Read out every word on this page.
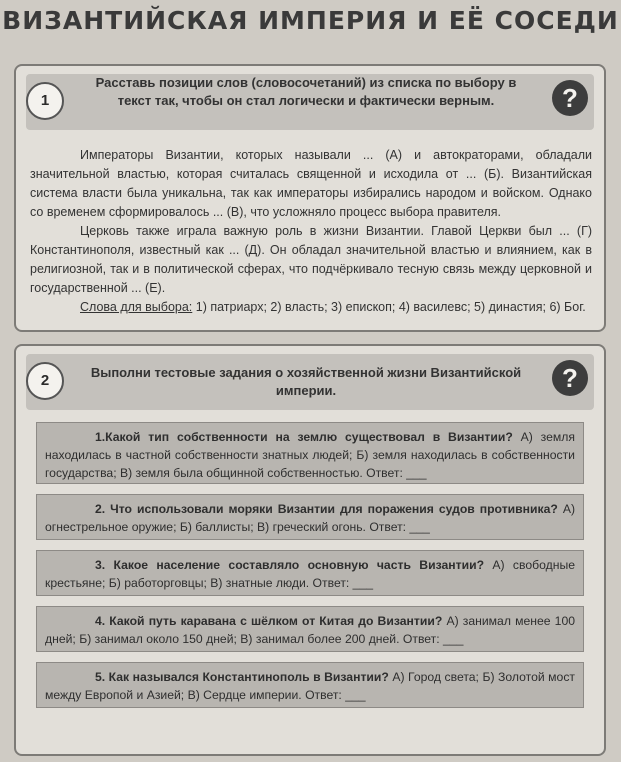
ВИЗАНТИЙСКАЯ ИМПЕРИЯ И ЕЁ СОСЕДИ
1
Расставь позиции слов (словосочетаний) из списка по выбору в текст так, чтобы он стал логически и фактически верным.	?

Императоры Византии, которых называли ... (А) и автократорами, обладали значительной властью, которая считалась священной и исходила от ... (Б). Византийская система власти была уникальна, так как императоры избирались народом и войском. Однако со временем сформировалось ... (В), что усложняло процесс выбора правителя.

Церковь также играла важную роль в жизни Византии. Главой Церкви был ... (Г) Константинополя, известный как ... (Д). Он обладал значительной властью и влиянием, как в религиозной, так и в политической сферах, что подчёркивало тесную связь между церковной и государственной ... (Е).

Слова для выбора: 1) патриарх; 2) власть; 3) епископ; 4) василевс; 5) династия; 6) Бог.

2	Выполни тестовые задания о хозяйственной жизни Византийской империи.	?
1.Какой тип собственности на землю существовал в Византии? А) земля находилась в частной собственности знатных людей; Б) земля находилась в собственности государства; В) земля была общинной собственностью. Ответ: ___
2. Что использовали моряки Византии для поражения судов противника? А) огнестрельное оружие; Б) баллисты; В) греческий огонь. Ответ: ___
3. Какое население составляло основную часть Византии? А) свободные крестьяне; Б) работорговцы; В) знатные люди. Ответ: ___
4. Какой путь каравана с шёлком от Китая до Византии? А) занимал менее 100 дней; Б) занимал около 150 дней; В) занимал более 200 дней. Ответ: ___
5. Как назывался Константинополь в Византии? А) Город света; Б) Золотой мост между Европой и Азией; В) Сердце империи. Ответ: ___
